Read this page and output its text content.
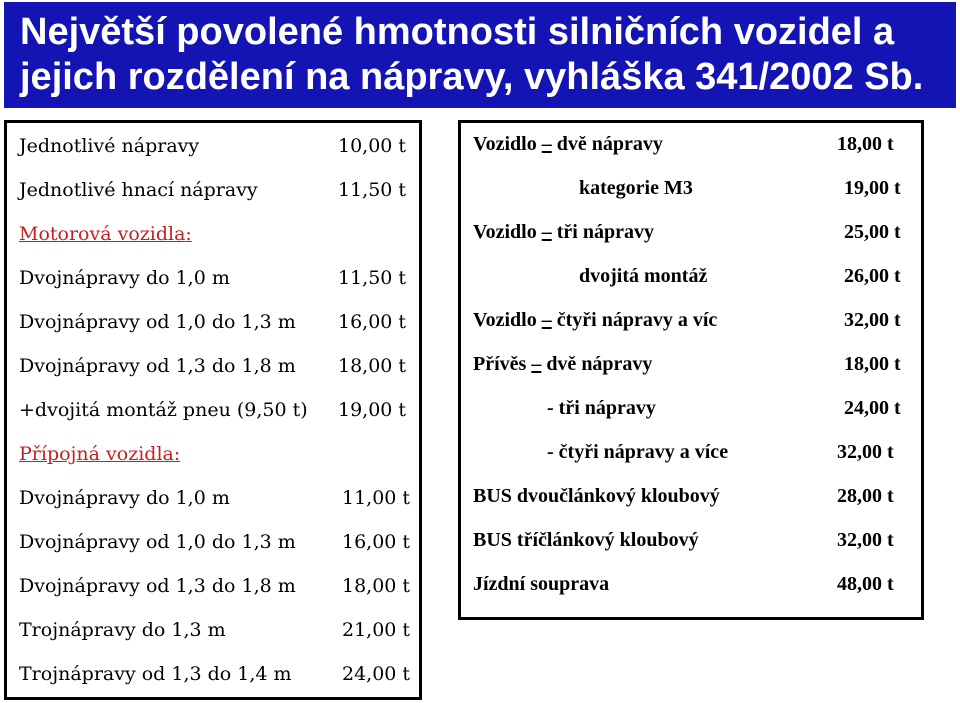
Největší povolené hmotnosti silničních vozidel a
jejich rozdělení na nápravy, vyhláška 341/2002 Sb.
Jednotlivé nápravy	10,00 t
Jednotlivé hnací nápravy	11,50 t
Motorová vozidla:
Dvojnápravy do 1,0 m	11,50 t
Dvojnápravy od 1,0 do 1,3 m 16,00 t
Dvojnápravy od 1,3 do 1,8 m 18,00 t
+dvojitá montáž pneu (9,50 t) 19,00 t
Přípojná vozidla:
Dvojnápravy do 1,0 m	11,00 t
Dvojnápravy od 1,0 do 1,3 m 16,00 t
Dvojnápravy od 1,3 do 1,8 m 18,00 t
Trojnápravy do 1,3 m	21,00 t
Trojnápravy od 1,3 do 1,4 m	24,00 t
Vozidlo – dvě nápravy	18,00 t
kategorie M3	19,00 t
Vozidlo – tři nápravy	25,00 t
dvojitá montáž	26,00 t
Vozidlo – čtyři nápravy a víc	32,00 t
Přívěs – dvě nápravy	18,00 t
- tři nápravy	24,00 t
- čtyři nápravy a více	32,00 t
BUS dvoučlánkový kloubový	28,00 t
BUS tříčlánkový kloubový	32,00 t
Jízdní souprava	48,00 t
